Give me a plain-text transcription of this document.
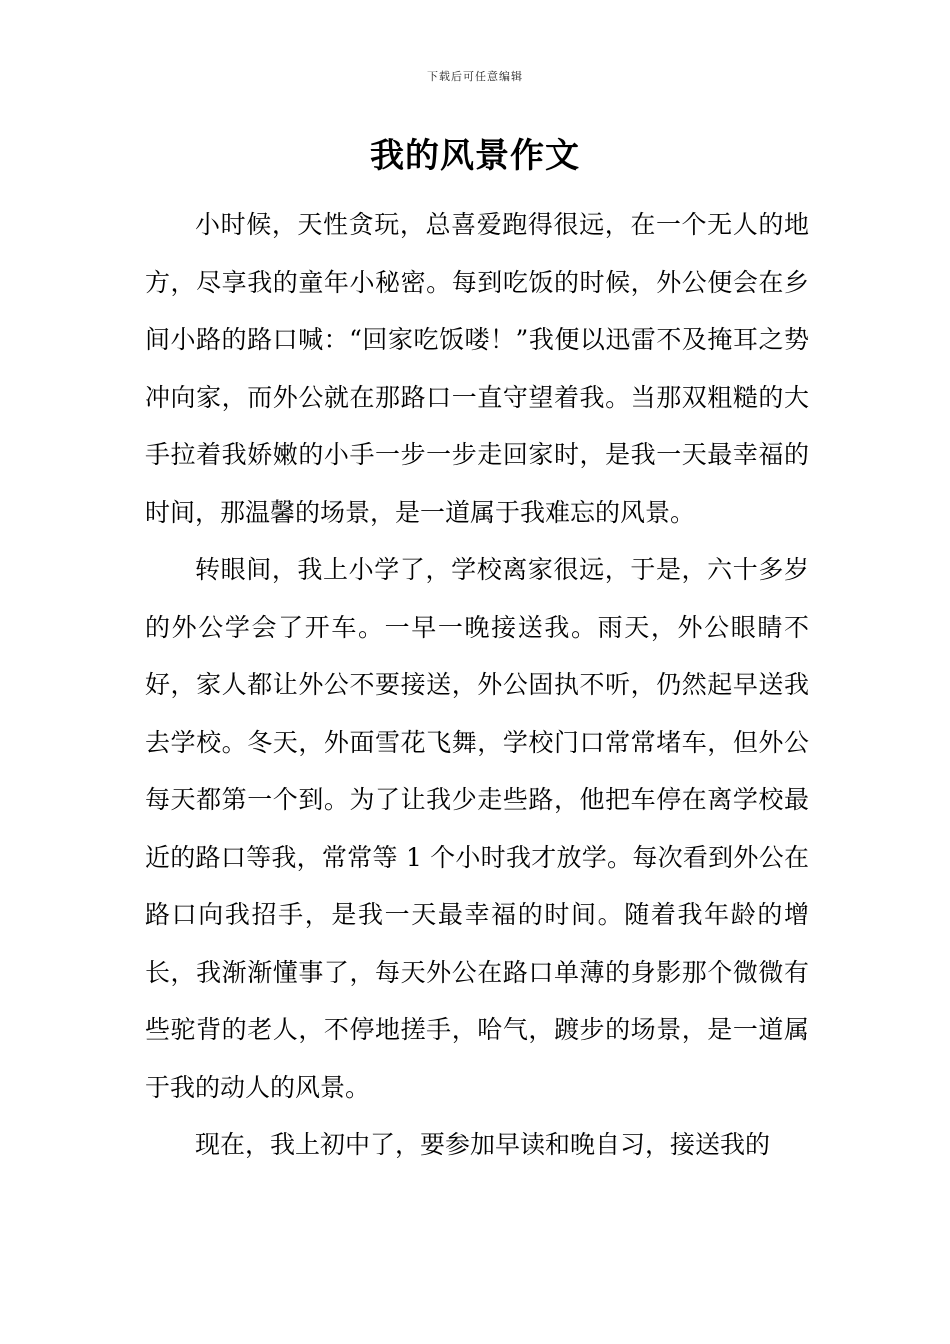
下载后可任意编辑
我的风景作文

小时候，天性贪玩，总喜爱跑得很远，在一个无人的地方，尽享我的童年小秘密。每到吃饭的时候，外公便会在乡间小路的路口喊：“回家吃饭喽！”我便以迅雷不及掩耳之势冲向家，而外公就在那路口一直守望着我。当那双粗糙的大手拉着我娇嫩的小手一步一步走回家时，是我一天最幸福的时间，那温馨的场景，是一道属于我难忘的风景。

转眼间，我上小学了，学校离家很远，于是，六十多岁的外公学会了开车。一早一晚接送我。雨天，外公眼睛不好，家人都让外公不要接送，外公固执不听，仍然起早送我去学校。冬天，外面雪花飞舞，学校门口常常堵车，但外公每天都第一个到。为了让我少走些路，他把车停在离学校最近的路口等我，常常等 1 个小时我才放学。每次看到外公在路口向我招手，是我一天最幸福的时间。随着我年龄的增长，我渐渐懂事了，每天外公在路口单薄的身影那个微微有些驼背的老人，不停地搓手，哈气，踱步的场景，是一道属于我的动人的风景。

现在，我上初中了，要参加早读和晚自习，接送我的
